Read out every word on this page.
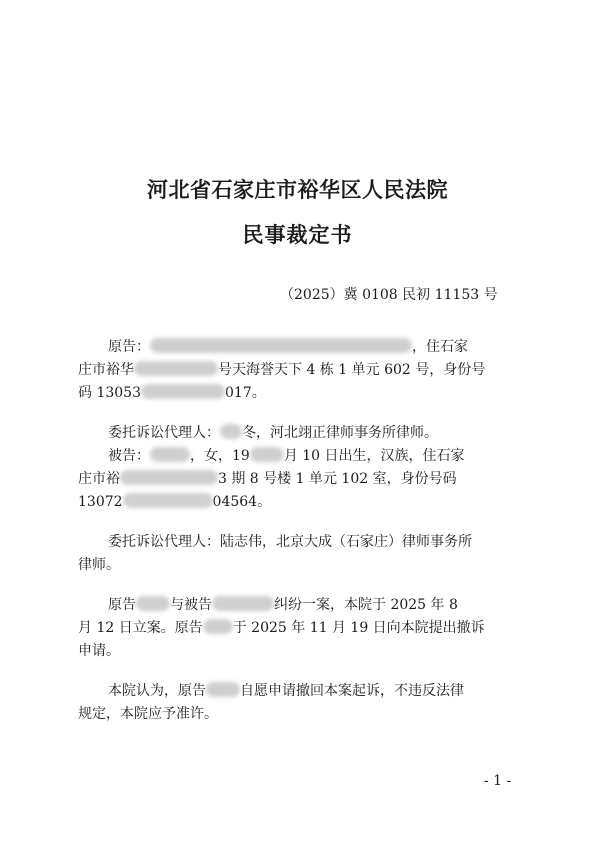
河北省石家庄市裕华区人民法院
民事裁定书
（2025）冀 0108 民初 11153 号
原告：	，住石家
庄市裕华	号天海誉天下 4 栋 1 单元 602 号，身份号
码 13053	017。
委托诉讼代理人： 冬，河北翊正律师事务所律师。
被告：	，女，19 月 10 日出生，汉族，住石家
庄市裕	3 期 8 号楼 1 单元 102 室，身份号码
13072	04564。
委托诉讼代理人：陆志伟，北京大成（石家庄）律师事务所
律师。
原告 与被告	纠纷一案，本院于 2025 年 8
月 12 日立案。原告 于 2025 年 11 月 19 日向本院提出撤诉
申请。
本院认为，原告 自愿申请撤回本案起诉，不违反法律
规定，本院应予准许。
- 1 -
